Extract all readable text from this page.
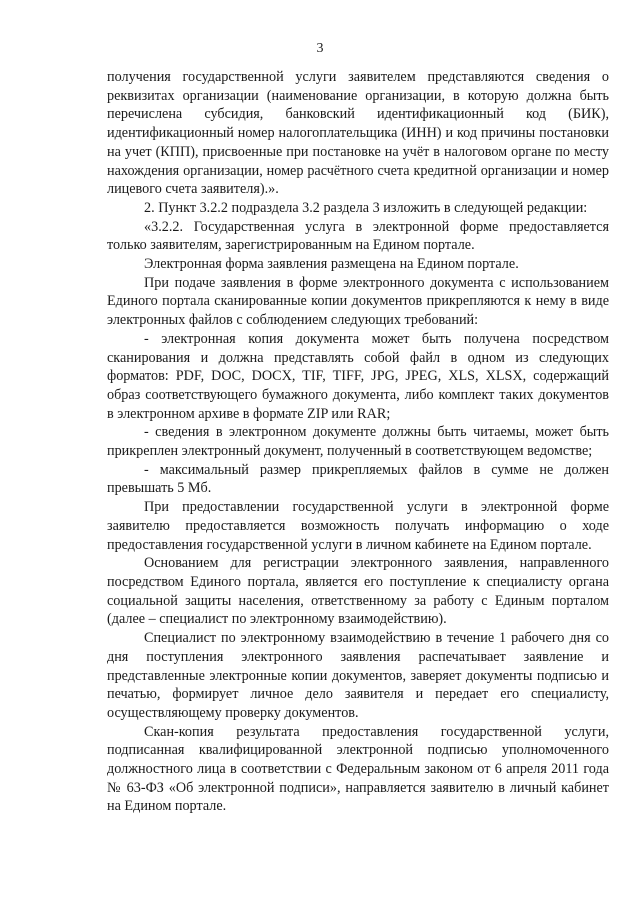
3

получения государственной услуги заявителем представляются сведения о реквизитах организации (наименование организации, в которую должна быть перечислена субсидия, банковский идентификационный код (БИК), идентификационный номер налогоплательщика (ИНН) и код причины постановки на учет (КПП), присвоенные при постановке на учёт в налоговом органе по месту нахождения организации, номер расчётного счета кредитной организации и номер лицевого счета заявителя).».

2. Пункт 3.2.2 подраздела 3.2 раздела 3 изложить в следующей редакции:

«3.2.2. Государственная услуга в электронной форме предоставляется только заявителям, зарегистрированным на Едином портале.

Электронная форма заявления размещена на Едином портале.

При подаче заявления в форме электронного документа с использованием Единого портала сканированные копии документов прикрепляются к нему в виде электронных файлов с соблюдением следующих требований:

- электронная копия документа может быть получена посредством сканирования и должна представлять собой файл в одном из следующих форматов: PDF, DOC, DOCX, TIF, TIFF, JPG, JPEG, XLS, XLSX, содержащий образ соответствующего бумажного документа, либо комплект таких документов в электронном архиве в формате ZIP или RAR;

- сведения в электронном документе должны быть читаемы, может быть прикреплен электронный документ, полученный в соответствующем ведомстве;

- максимальный размер прикрепляемых файлов в сумме не должен превышать 5 Мб.

При предоставлении государственной услуги в электронной форме заявителю предоставляется возможность получать информацию о ходе предоставления государственной услуги в личном кабинете на Едином портале.

Основанием для регистрации электронного заявления, направленного посредством Единого портала, является его поступление к специалисту органа социальной защиты населения, ответственному за работу с Единым порталом (далее – специалист по электронному взаимодействию).

Специалист по электронному взаимодействию в течение 1 рабочего дня со дня поступления электронного заявления распечатывает заявление и представленные электронные копии документов, заверяет документы подписью и печатью, формирует личное дело заявителя и передает его специалисту, осуществляющему проверку документов.

Скан-копия результата предоставления государственной услуги, подписанная квалифицированной электронной подписью уполномоченного должностного лица в соответствии с Федеральным законом от 6 апреля 2011 года № 63-ФЗ «Об электронной подписи», направляется заявителю в личный кабинет на Едином портале.
